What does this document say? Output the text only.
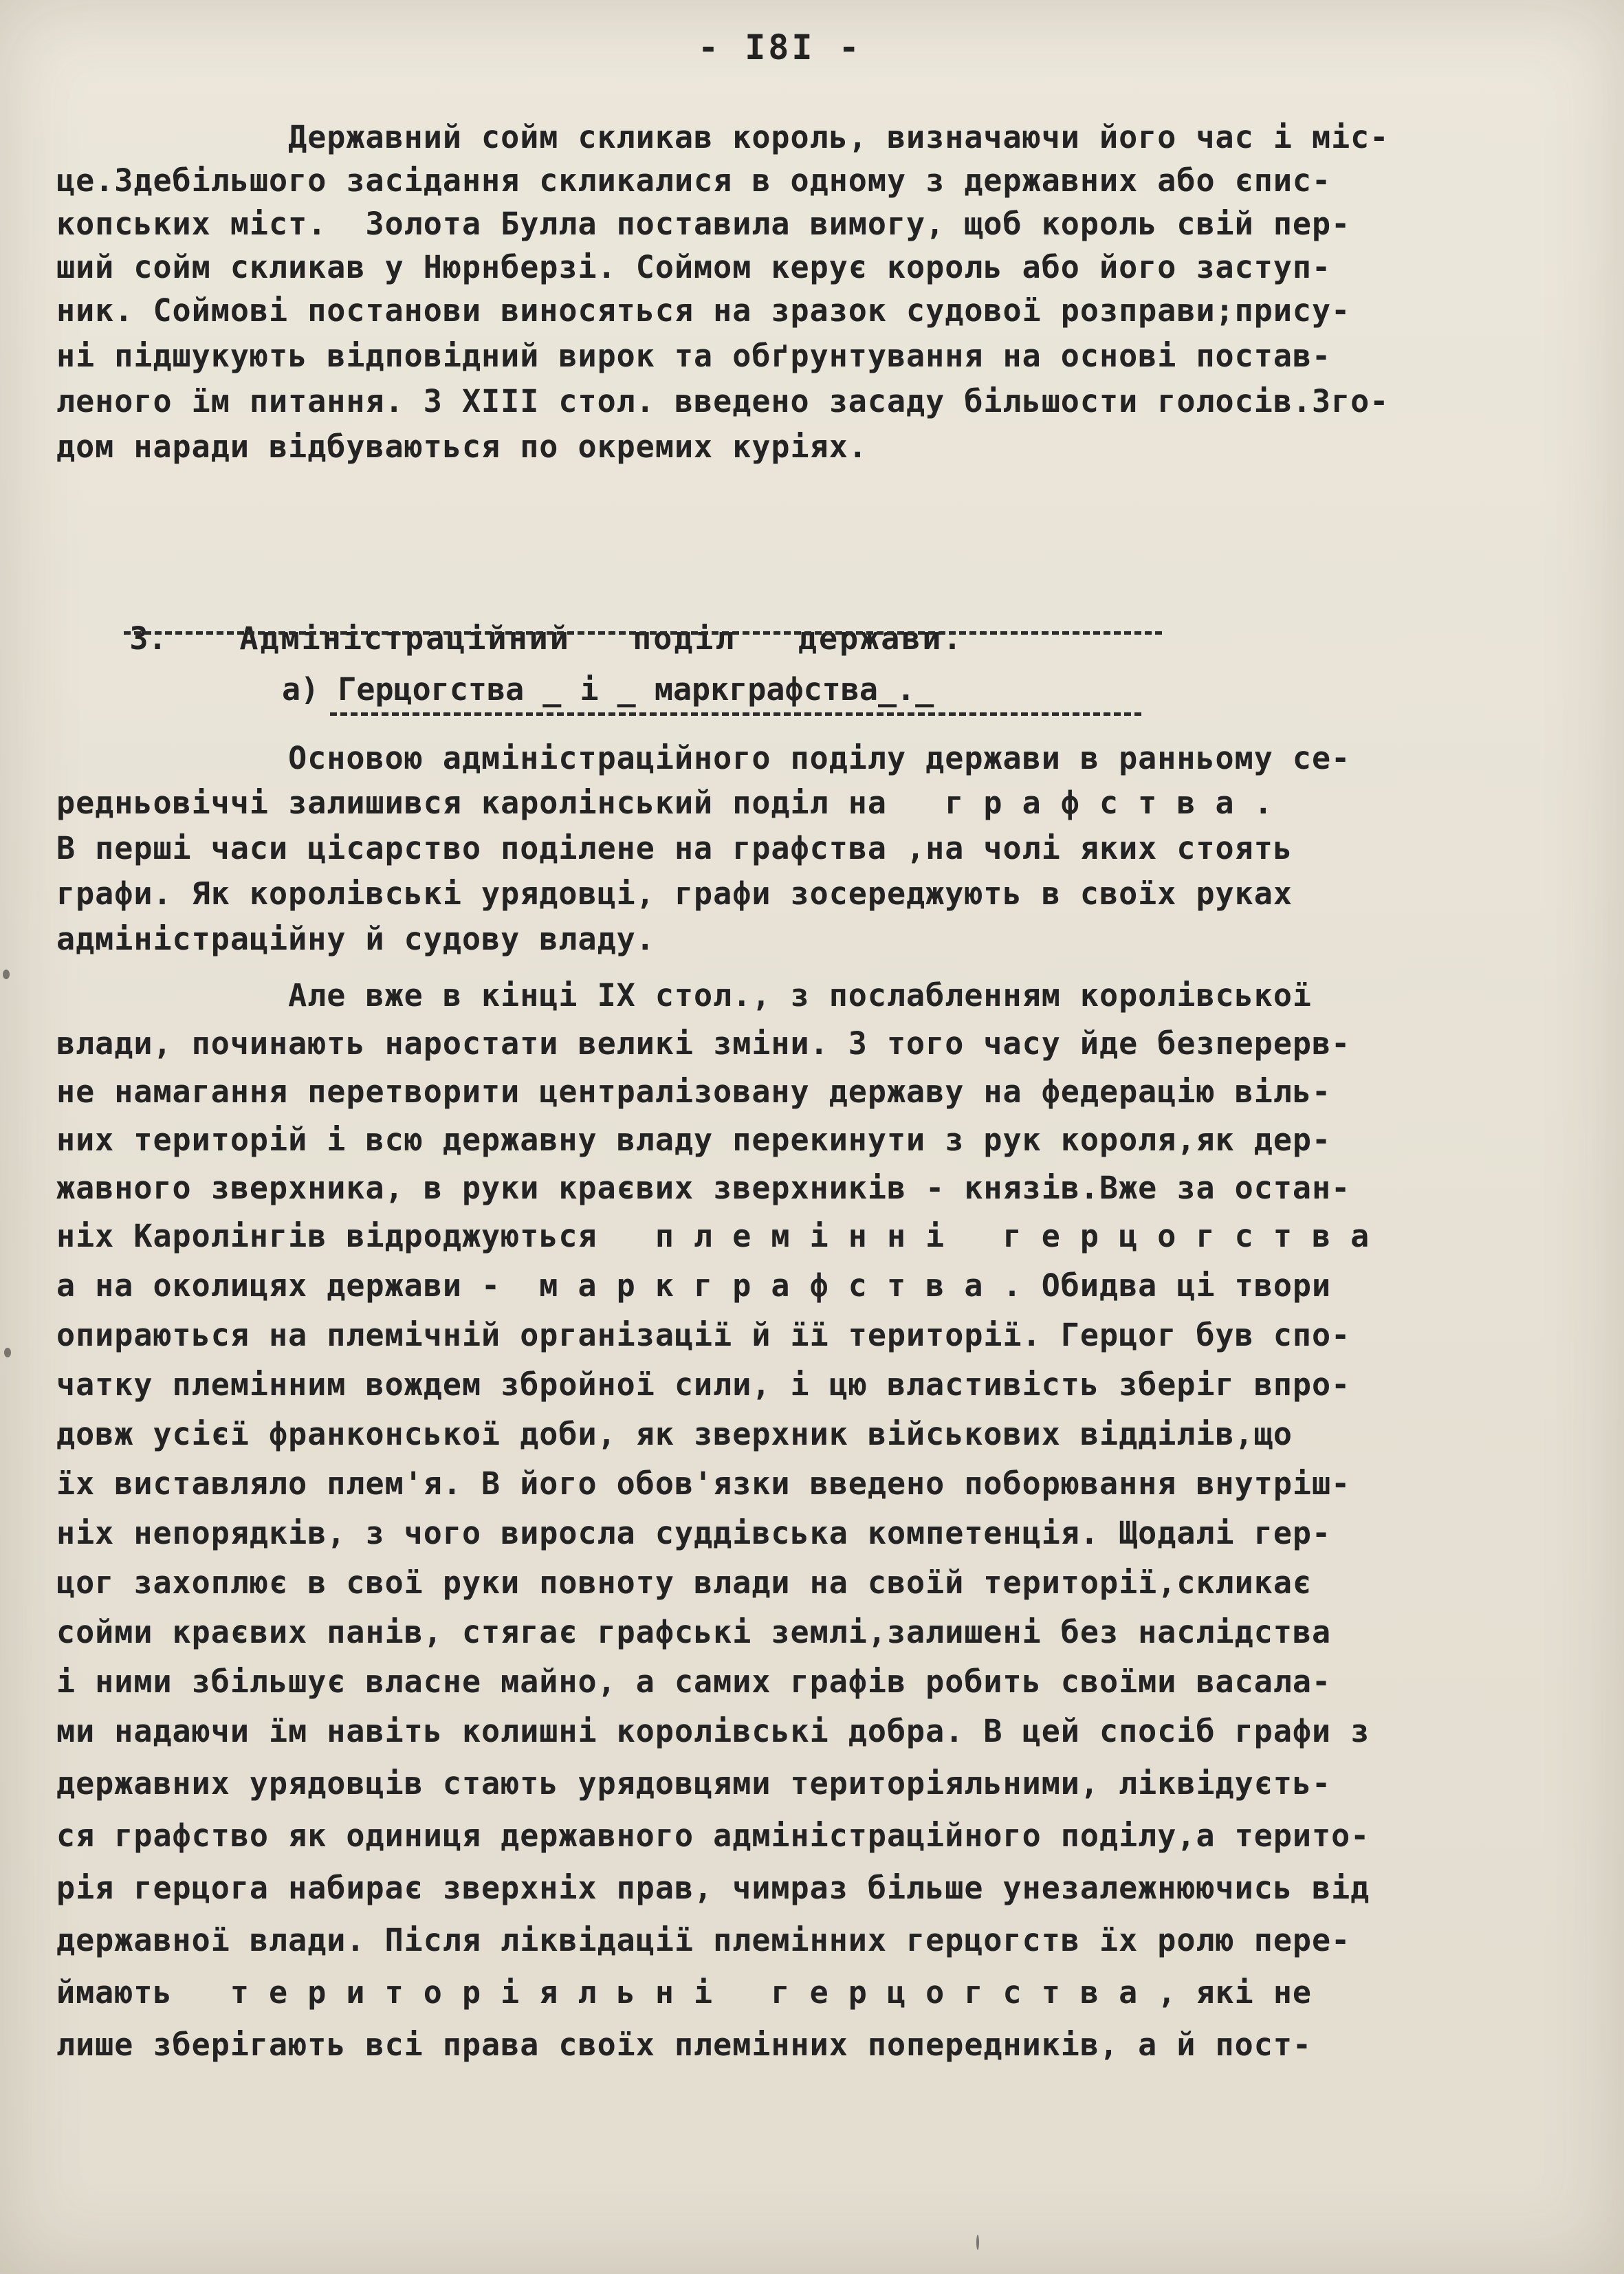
- I8I -
Державний сойм скликав король, визначаючи його час і міс-
це.Здебільшого засідання скликалися в одному з державних або єпис-
копських міст.  Золота Булла поставила вимогу, щоб король свій пер-
ший сойм скликав у Нюрнберзі. Соймом керує король або його заступ-
ник. Соймові постанови виносяться на зразок судової розправи;прису-
ні підшукують відповідний вирок та обґрунтування на основі постав-
леного їм питання. З XIII стол. введено засаду більшости голосів.Зго-
дом наради відбуваються по окремих куріях.

3. Адміністраційний   поділ   держави.

а) Герцогства _ і _ маркграфства_._
Основою адміністраційного поділу держави в ранньому се-
редньовіччі залишився каролінський поділ на   г р а ф с т в а .
В перші часи цісарство поділене на графства ,на чолі яких стоять
графи. Як королівські урядовці, графи зосереджують в своїх руках
адміністраційну й судову владу.
Але вже в кінці IX стол., з послабленням королівської
влади, починають наростати великі зміни. З того часу йде безперерв-
не намагання перетворити централізовану державу на федерацію віль-
них територій і всю державну владу перекинути з рук короля,як дер-
жавного зверхника, в руки краєвих зверхників - князів.Вже за остан-
ніх Каролінгів відроджуються   п л е м і н н і   г е р ц о г с т в а
а на околицях держави -  м а р к г р а ф с т в а . Обидва ці твори
опираються на племічній організації й її території. Герцог був спо-
чатку племінним вождем збройної сили, і цю властивість зберіг впро-
довж усієї франконської доби, як зверхник військових відділів,що
їх виставляло плем'я. В його обов'язки введено поборювання внутріш-
ніх непорядків, з чого виросла суддівська компетенція. Щодалі гер-
цог захоплює в свої руки повноту влади на своїй території,скликає
сойми краєвих панів, стягає графські землі,залишені без наслідства
і ними збільшує власне майно, а самих графів робить своїми васала-
ми надаючи їм навіть колишні королівські добра. В цей спосіб графи з
державних урядовців стають урядовцями територіяльними, ліквідуєть-
ся графство як одиниця державного адміністраційного поділу,а терито-
рія герцога набирає зверхніх прав, чимраз більше унезалежнюючись від
державної влади. Після ліквідації племінних герцогств їх ролю пере-
ймають   т е р и т о р і я л ь н і   г е р ц о г с т в а , які не
лише зберігають всі права своїх племінних попередників, а й пост-
